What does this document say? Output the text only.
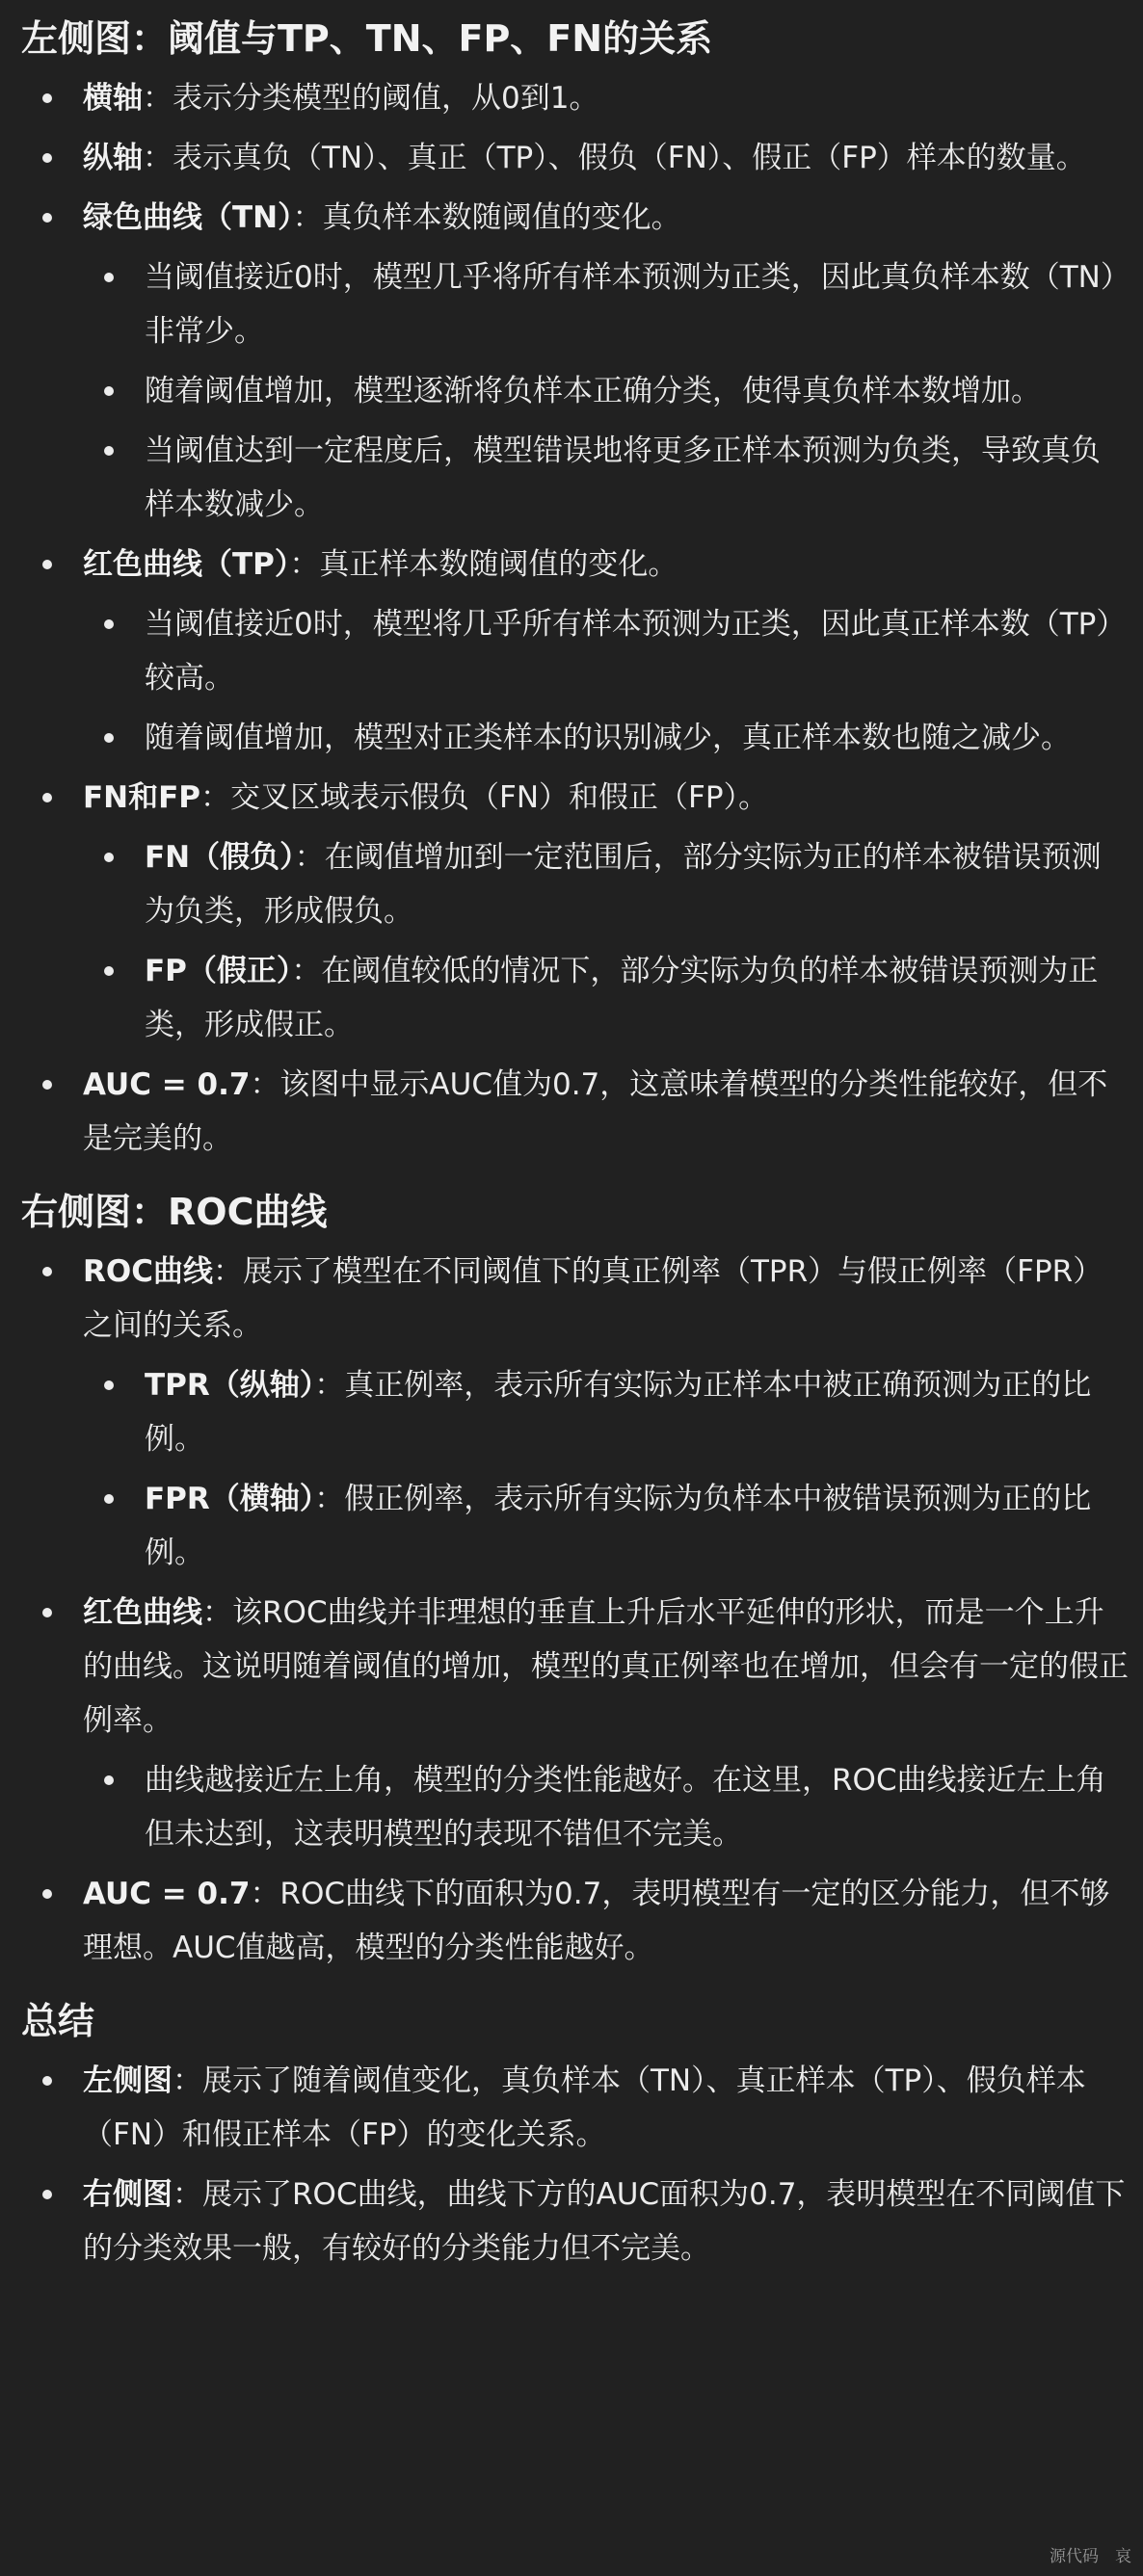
左侧图：阈值与TP、TN、FP、FN的关系
横轴：表示分类模型的阈值，从0到1。
纵轴：表示真负（TN）、真正（TP）、假负（FN）、假正（FP）样本的数量。
绿色曲线（TN）：真负样本数随阈值的变化。
当阈值接近0时，模型几乎将所有样本预测为正类，因此真负样本数（TN）非常少。
随着阈值增加，模型逐渐将负样本正确分类，使得真负样本数增加。
当阈值达到一定程度后，模型错误地将更多正样本预测为负类，导致真负样本数减少。
红色曲线（TP）：真正样本数随阈值的变化。
当阈值接近0时，模型将几乎所有样本预测为正类，因此真正样本数（TP）较高。
随着阈值增加，模型对正类样本的识别减少，真正样本数也随之减少。
FN和FP：交叉区域表示假负（FN）和假正（FP）。
FN（假负）：在阈值增加到一定范围后，部分实际为正的样本被错误预测为负类，形成假负。
FP（假正）：在阈值较低的情况下，部分实际为负的样本被错误预测为正类，形成假正。
AUC = 0.7：该图中显示AUC值为0.7，这意味着模型的分类性能较好，但不是完美的。
右侧图：ROC曲线
ROC曲线：展示了模型在不同阈值下的真正例率（TPR）与假正例率（FPR）之间的关系。
TPR（纵轴）：真正例率，表示所有实际为正样本中被正确预测为正的比例。
FPR（横轴）：假正例率，表示所有实际为负样本中被错误预测为正的比例。
红色曲线：该ROC曲线并非理想的垂直上升后水平延伸的形状，而是一个上升的曲线。这说明随着阈值的增加，模型的真正例率也在增加，但会有一定的假正例率。
曲线越接近左上角，模型的分类性能越好。在这里，ROC曲线接近左上角但未达到，这表明模型的表现不错但不完美。
AUC = 0.7：ROC曲线下的面积为0.7，表明模型有一定的区分能力，但不够理想。AUC值越高，模型的分类性能越好。
总结
左侧图：展示了随着阈值变化，真负样本（TN）、真正样本（TP）、假负样本（FN）和假正样本（FP）的变化关系。
右侧图：展示了ROC曲线，曲线下方的AUC面积为0.7，表明模型在不同阈值下的分类效果一般，有较好的分类能力但不完美。
源代码　哀
